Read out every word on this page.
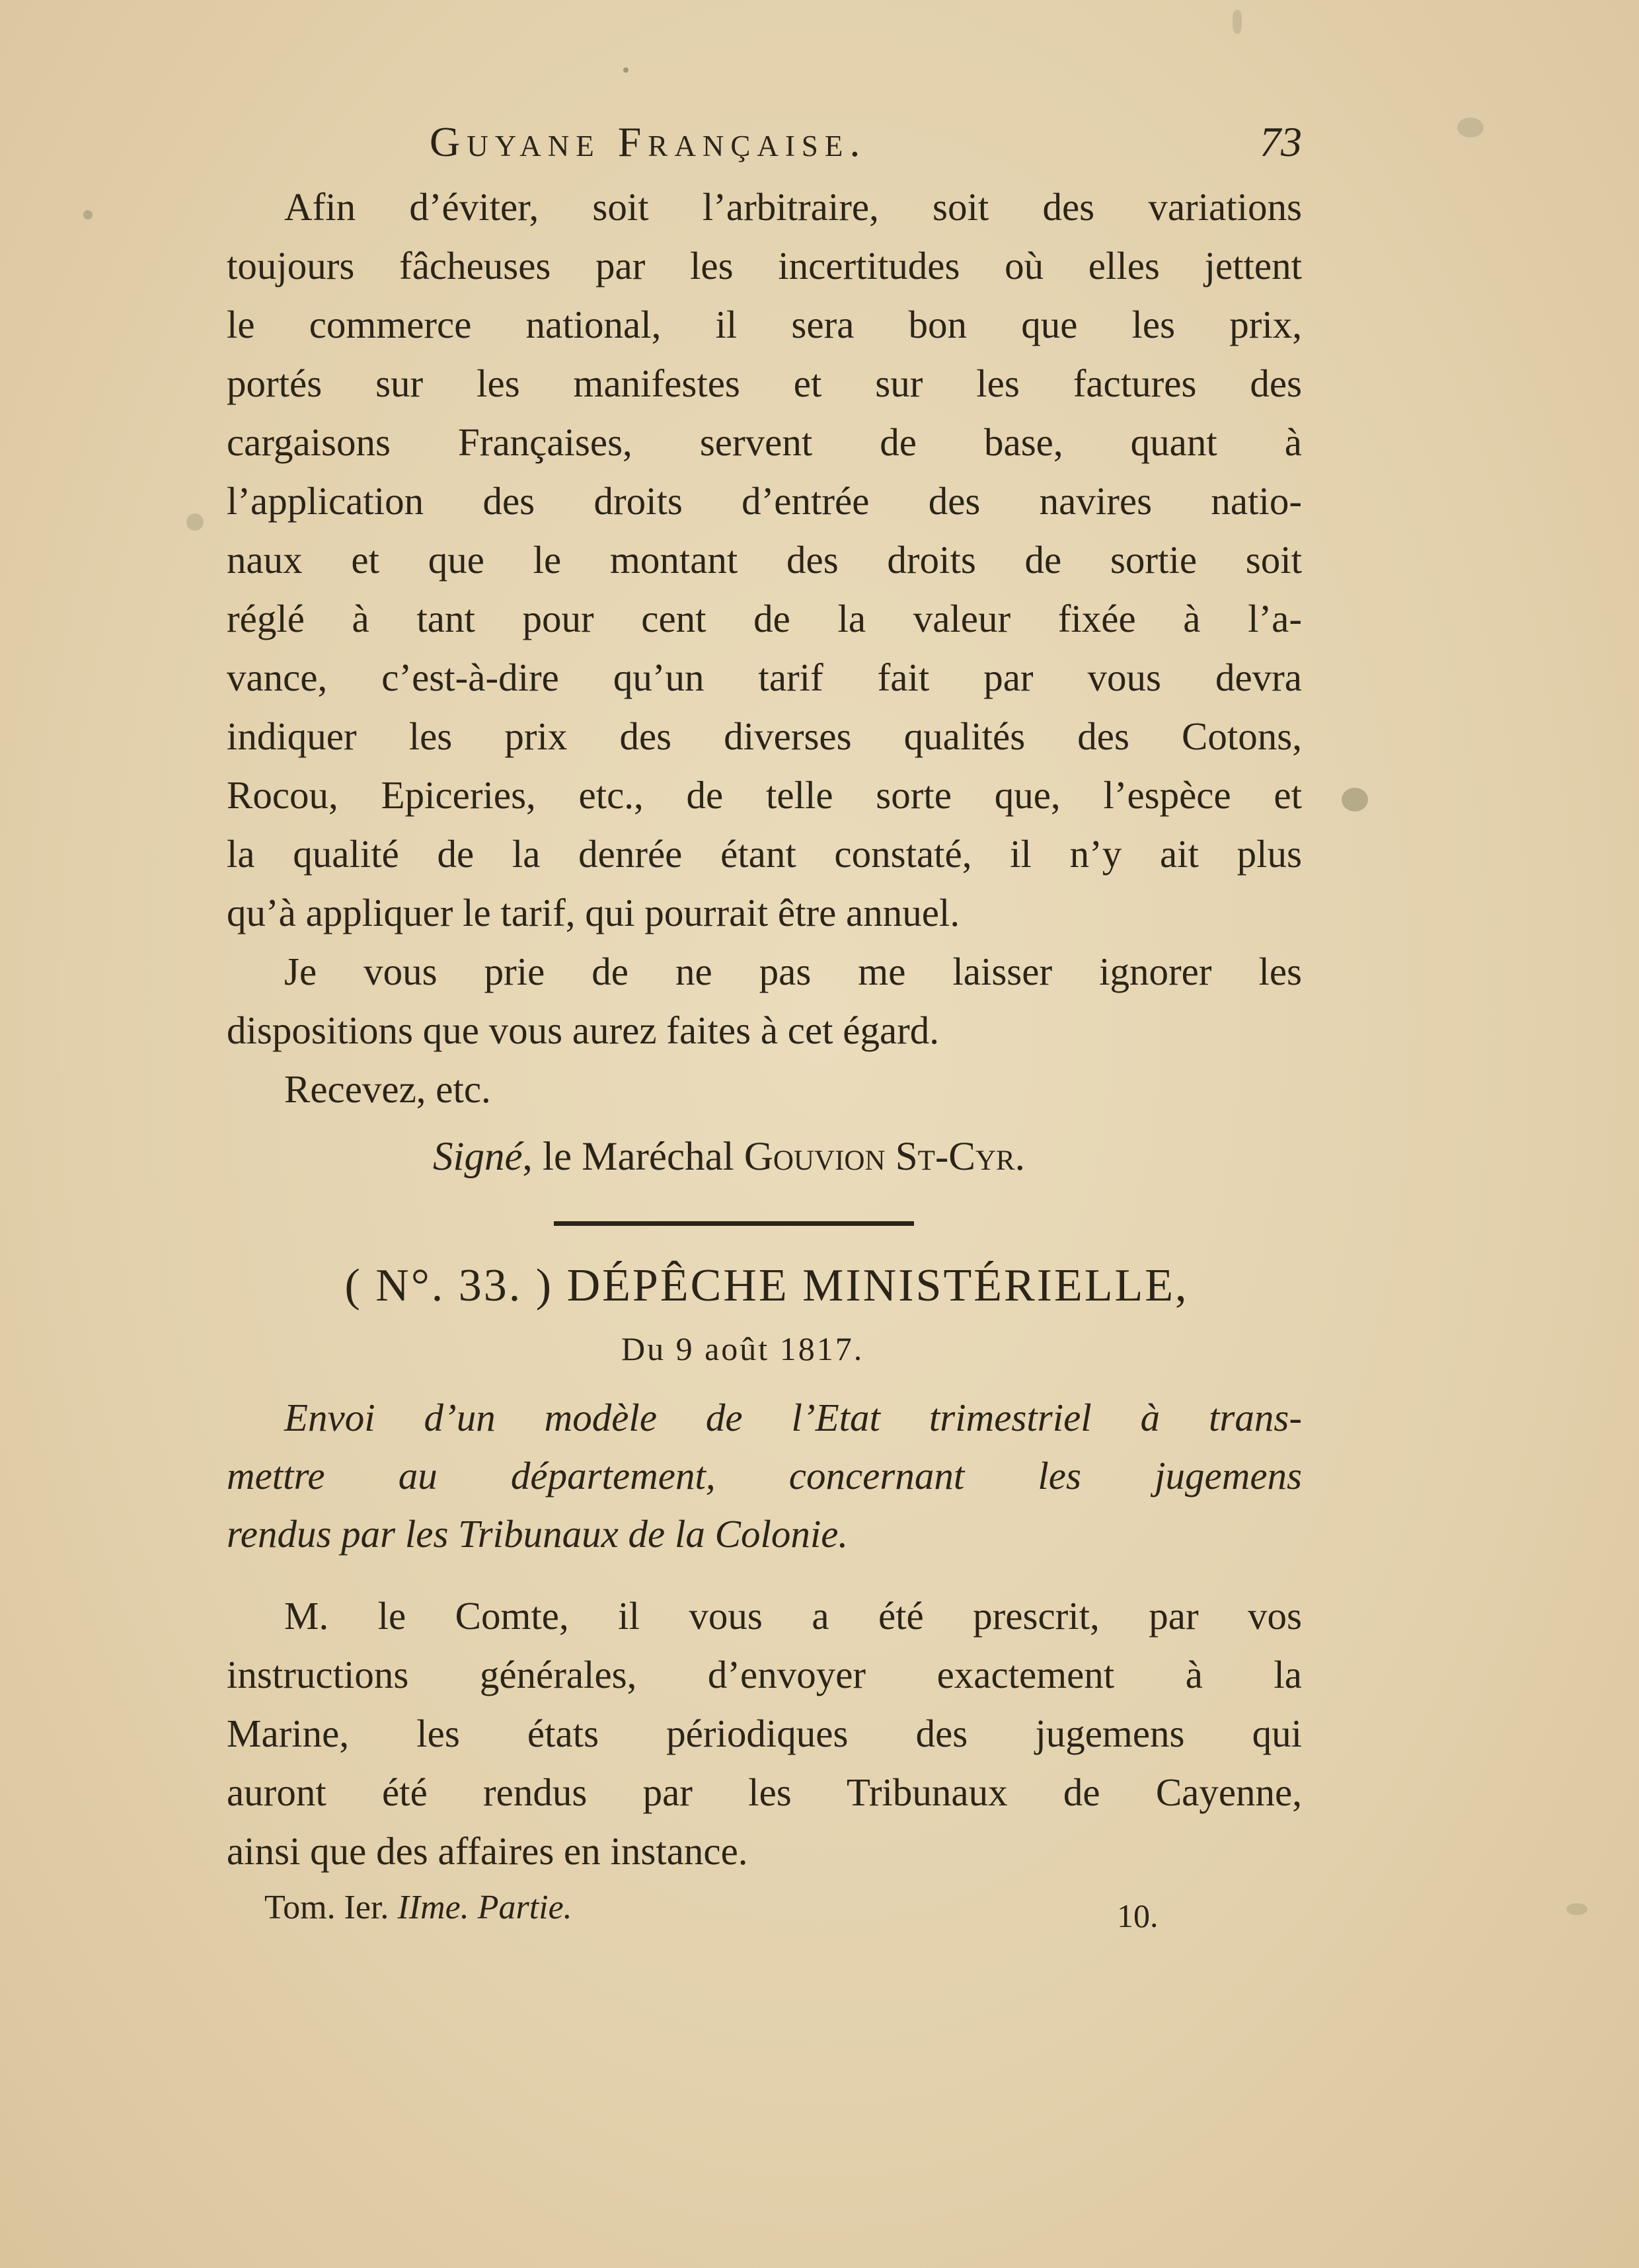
Guyane Française.	73
Afin d’éviter, soit l’arbitraire, soit des variations
toujours fâcheuses par les incertitudes où elles jettent
le commerce national, il sera bon que les prix,
portés sur les manifestes et sur les factures des
cargaisons Françaises, servent de base, quant à
l’application des droits d’entrée des navires natio-
naux et que le montant des droits de sortie soit
réglé à tant pour cent de la valeur fixée à l’a-
vance, c’est-à-dire qu’un tarif fait par vous devra
indiquer les prix des diverses qualités des Cotons,
Rocou, Epiceries, etc., de telle sorte que, l’espèce et
la qualité de la denrée étant constaté, il n’y ait plus
qu’à appliquer le tarif, qui pourrait être annuel.
Je vous prie de ne pas me laisser ignorer les
dispositions que vous aurez faites à cet égard.
Recevez, etc.
Signé, le Maréchal Gouvion St-Cyr.
( N°. 33. ) DÉPÊCHE MINISTÉRIELLE,
Du 9 août 1817.
Envoi d’un modèle de l’Etat trimestriel à trans-
mettre au département, concernant les jugemens
rendus par les Tribunaux de la Colonie.
M. le Comte, il vous a été prescrit, par vos
instructions générales, d’envoyer exactement à la
Marine, les états périodiques des jugemens qui
auront été rendus par les Tribunaux de Cayenne,
ainsi que des affaires en instance.
Tom. Ier. IIme. Partie.	10.
